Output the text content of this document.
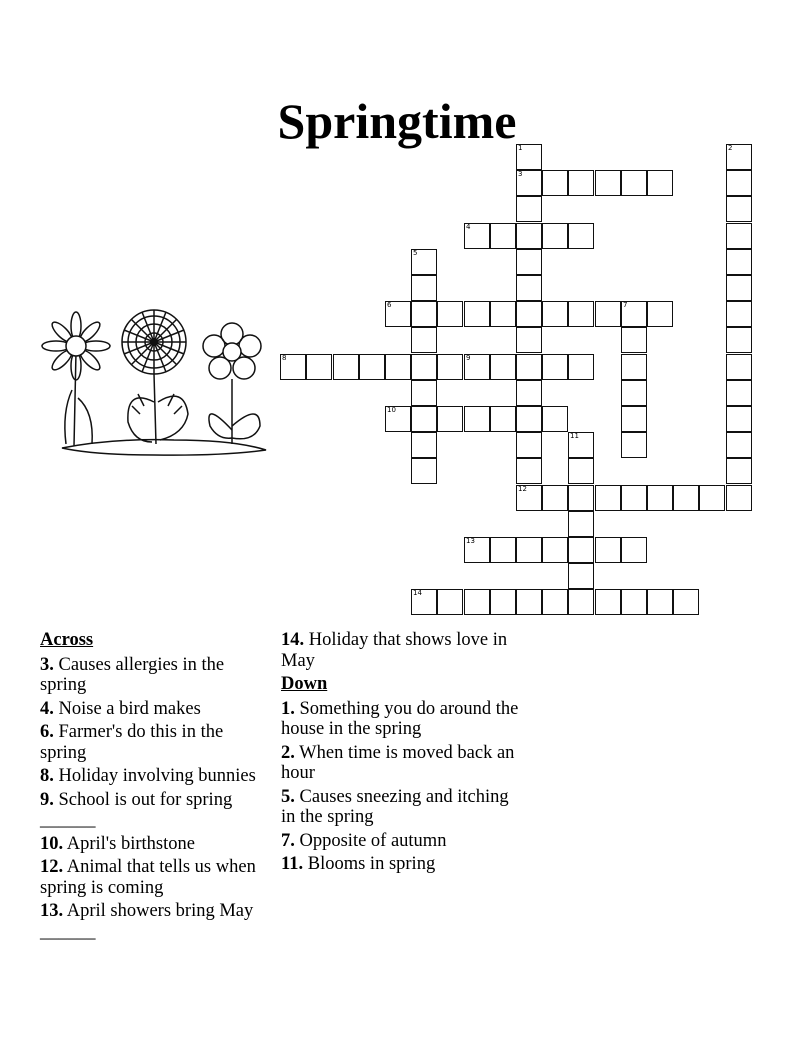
Springtime 1
3
2
4
5
6	7
8	9
10
11
12
13
14
Across
3. Causes allergies in the spring
4. Noise a bird makes
6. Farmer's do this in the spring
8. Holiday involving bunnies
9. School is out for spring ______
10. April's birthstone
12. Animal that tells us when spring is coming
13. April showers bring May ______
14. Holiday that shows love in May
Down
1. Something you do around the house in the spring
2. When time is moved back an hour
5. Causes sneezing and itching in the spring
7. Opposite of autumn
11. Blooms in spring
